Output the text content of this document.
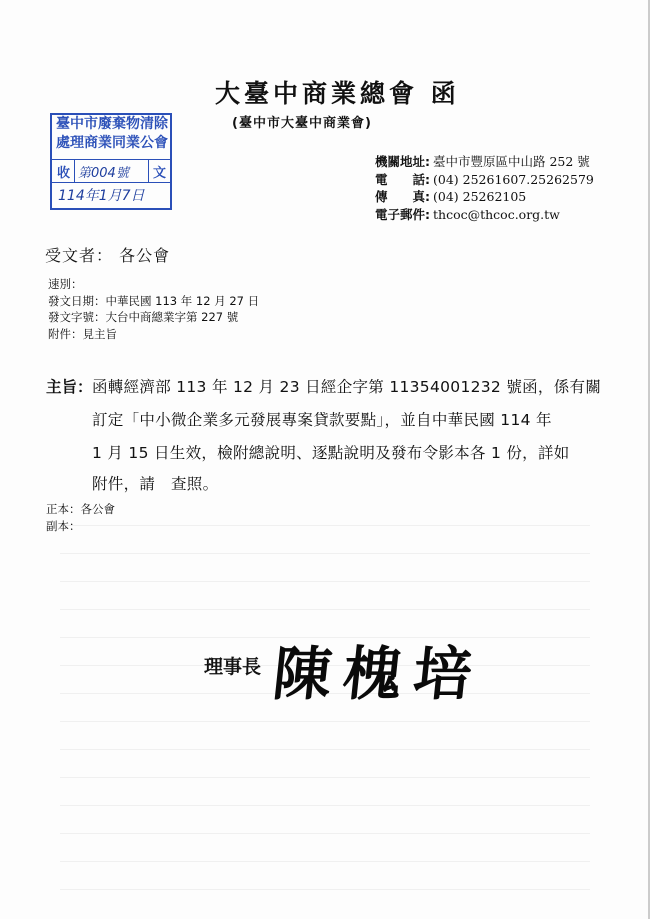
大臺中商業總會 函
(臺中市大臺中商業會)
臺中市廢棄物清除
處理商業同業公會
收 第004號 文
114年1月7日
機關地址: 臺中市豐原區中山路 252 號
電　　話: (04) 25261607.25262579
傳　　真: (04) 25262105
電子郵件: thcoc@thcoc.org.tw
受文者： 各公會
速別：
發文日期：中華民國 113 年 12 月 27 日
發文字號：大台中商總業字第 227 號
附件：見主旨
主旨： 函轉經濟部 113 年 12 月 23 日經企字第 11354001232 號函，係有關
訂定「中小微企業多元發展專案貸款要點」，並自中華民國 114 年
1 月 15 日生效，檢附總說明、逐點說明及發布令影本各 1 份，詳如
附件，請　查照。
正本：各公會
副本：
理事長 陳槐培
